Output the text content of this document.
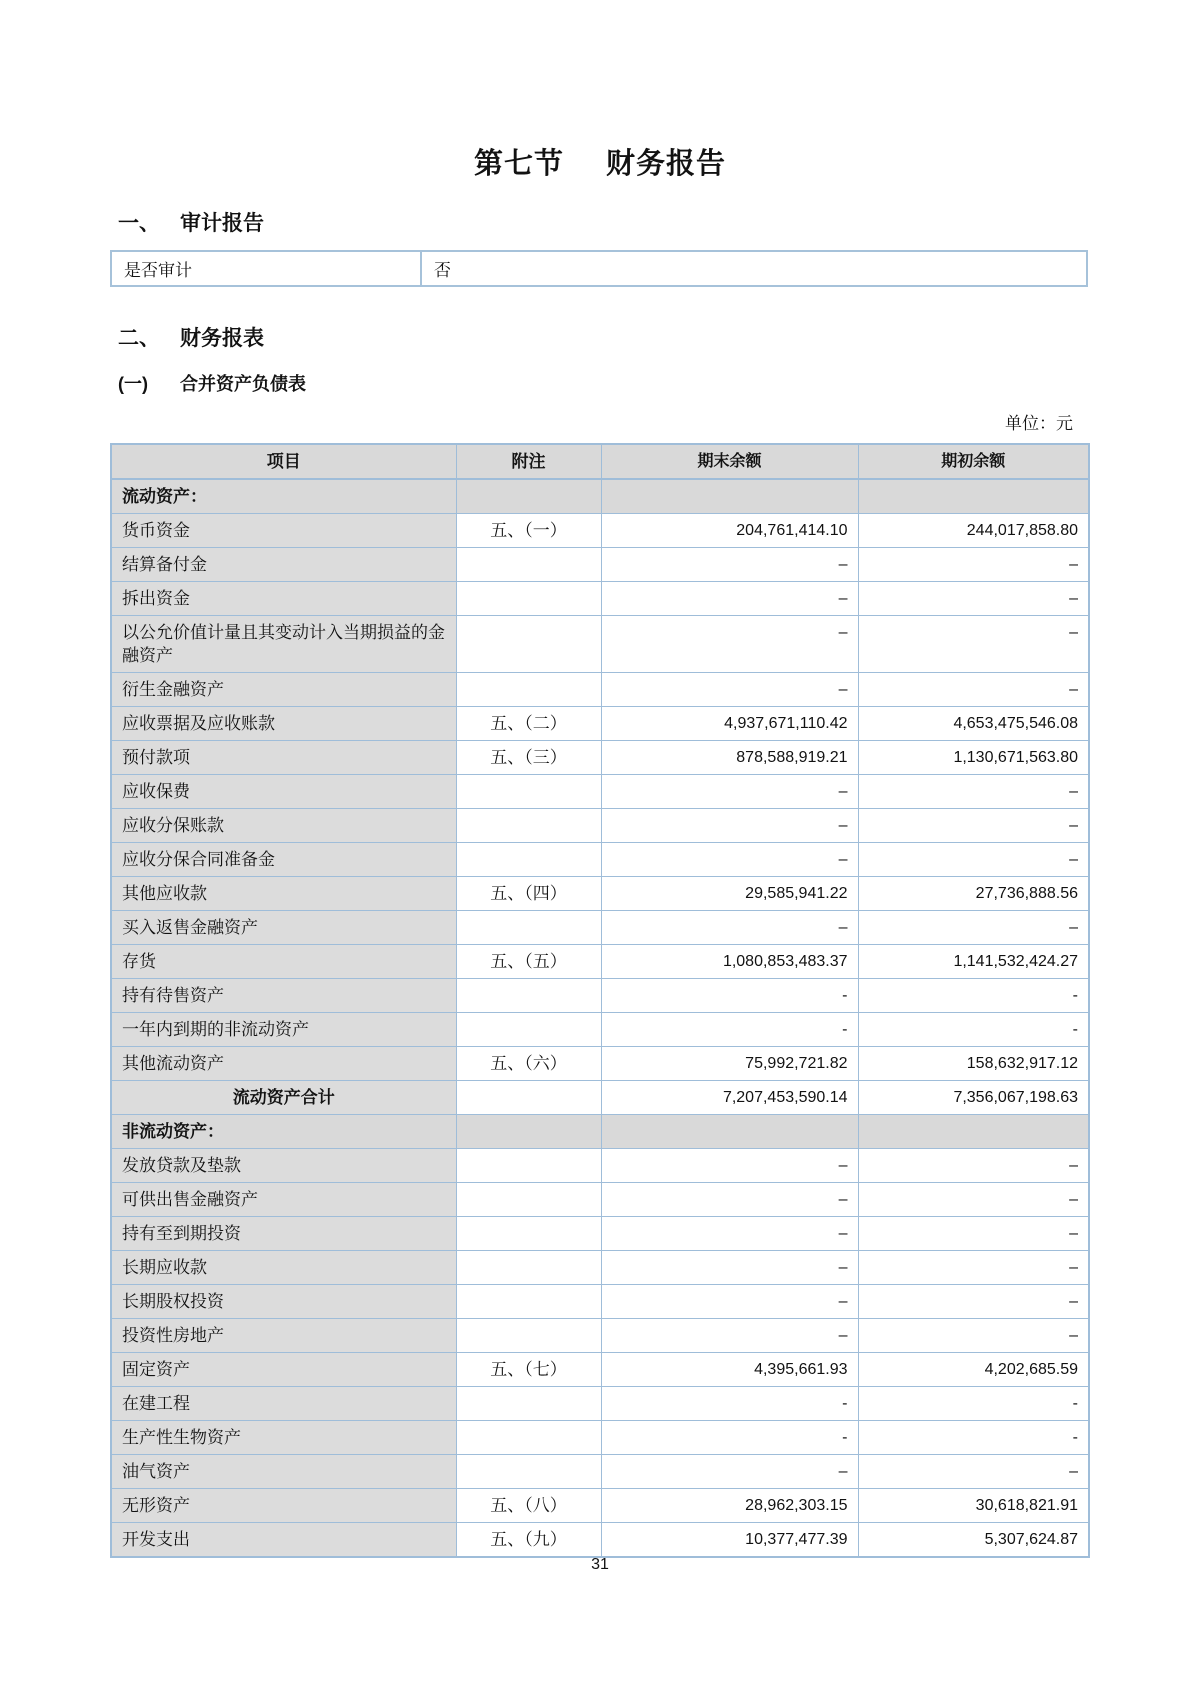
第七节 财务报告
一、 审计报告
是否审计	否
二、 财务报表
(一) 合并资产负债表
单位：元
项目	附注	期末余额	期初余额
流动资产：			
货币资金	五、（一）	204,761,414.10	244,017,858.80
结算备付金		–	–
拆出资金		–	–
以公允价值计量且其变动计入当期损益的金融资产		–	–
衍生金融资产		–	–
应收票据及应收账款	五、（二）	4,937,671,110.42	4,653,475,546.08
预付款项	五、（三）	878,588,919.21	1,130,671,563.80
应收保费		–	–
应收分保账款		–	–
应收分保合同准备金		–	–
其他应收款	五、（四）	29,585,941.22	27,736,888.56
买入返售金融资产		–	–
存货	五、（五）	1,080,853,483.37	1,141,532,424.27
持有待售资产		-	-
一年内到期的非流动资产		-	-
其他流动资产	五、（六）	75,992,721.82	158,632,917.12
流动资产合计		7,207,453,590.14	7,356,067,198.63
非流动资产：			
发放贷款及垫款		–	–
可供出售金融资产		–	–
持有至到期投资		–	–
长期应收款		–	–
长期股权投资		–	–
投资性房地产		–	–
固定资产	五、（七）	4,395,661.93	4,202,685.59
在建工程		-	-
生产性生物资产		-	-
油气资产		–	–
无形资产	五、（八）	28,962,303.15	30,618,821.91
开发支出	五、（九）	10,377,477.39	5,307,624.87
31
